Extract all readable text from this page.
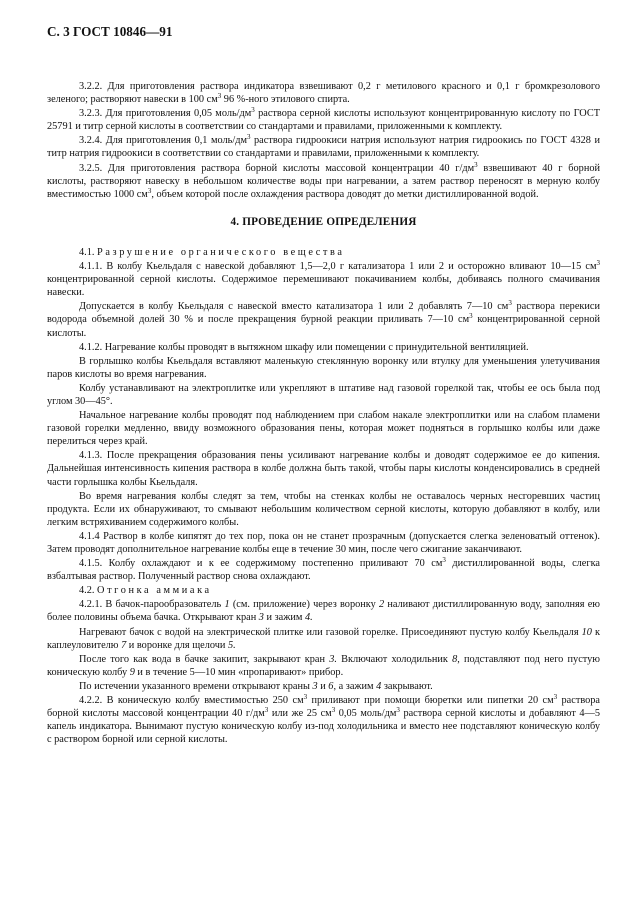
С. 3 ГОСТ 10846—91
3.2.2. Для приготовления раствора индикатора взвешивают 0,2 г метилового красного и 0,1 г бромкрезолового зеленого; растворяют навески в 100 $см^3$ 96 %-ного этилового спирта.
3.2.3. Для приготовления 0,05 моль/$дм^3$ раствора серной кислоты используют концентрированную кислоту по ГОСТ 25791 и титр серной кислоты в соответствии со стандартами и правилами, приложенными к комплекту.
3.2.4. Для приготовления 0,1 моль/$дм^3$ раствора гидроокиси натрия используют натрия гидроокись по ГОСТ 4328 и титр натрия гидроокиси в соответствии со стандартами и правилами, приложенными к комплекту.
3.2.5. Для приготовления раствора борной кислоты массовой концентрации 40 $г/дм^3$ взвешивают 40 г борной кислоты, растворяют навеску в небольшом количестве воды при нагревании, а затем раствор переносят в мерную колбу вместимостью 1000 $см^3$, объем которой после охлаждения раствора доводят до метки дистиллированной водой.
4. ПРОВЕДЕНИЕ ОПРЕДЕЛЕНИЯ
4.1. Разрушение органического вещества
4.1.1. В колбу Кьельдаля с навеской добавляют 1,5—2,0 г катализатора 1 или 2 и осторожно вливают 10—15 $см^3$ концентрированной серной кислоты. Содержимое перемешивают покачиванием колбы, добиваясь полного смачивания навески.
Допускается в колбу Кьельдаля с навеской вместо катализатора 1 или 2 добавлять 7—10 $см^3$ раствора перекиси водорода объемной долей 30 % и после прекращения бурной реакции приливать 7—10 $см^3$ концентрированной серной кислоты.
4.1.2. Нагревание колбы проводят в вытяжном шкафу или помещении с принудительной вентиляцией.
В горлышко колбы Кьельдаля вставляют маленькую стеклянную воронку или втулку для уменьшения улетучивания паров кислоты во время нагревания.
Колбу устанавливают на электроплитке или укрепляют в штативе над газовой горелкой так, чтобы ее ось была под углом 30—45°.
Начальное нагревание колбы проводят под наблюдением при слабом накале электроплитки или на слабом пламени газовой горелки медленно, ввиду возможного образования пены, которая может подняться в горлышко колбы или даже перелиться через край.
4.1.3. После прекращения образования пены усиливают нагревание колбы и доводят содержимое ее до кипения. Дальнейшая интенсивность кипения раствора в колбе должна быть такой, чтобы пары кислоты конденсировались в средней части горлышка колбы Кьельдаля.
Во время нагревания колбы следят за тем, чтобы на стенках колбы не оставалось черных несгоревших частиц продукта. Если их обнаруживают, то смывают небольшим количеством серной кислоты, которую добавляют в колбу, или легким встряхиванием содержимого колбы.
4.1.4 Раствор в колбе кипятят до тех пор, пока он не станет прозрачным (допускается слегка зеленоватый оттенок). Затем проводят дополнительное нагревание колбы еще в течение 30 мин, после чего сжигание заканчивают.
4.1.5. Колбу охлаждают и к ее содержимому постепенно приливают 70 $см^3$ дистиллированной воды, слегка взбалтывая раствор. Полученный раствор снова охлаждают.
4.2. Отгонка аммиака
4.2.1. В бачок-парообразователь 1 (см. приложение) через воронку 2 наливают дистиллированную воду, заполняя ею более половины объема бачка. Открывают кран 3 и зажим 4.
Нагревают бачок с водой на электрической плитке или газовой горелке. Присоединяют пустую колбу Кьельдаля 10 к каплеуловителю 7 и воронке для щелочи 5.
После того как вода в бачке закипит, закрывают кран 3. Включают холодильник 8, подставляют под него пустую коническую колбу 9 и в течение 5—10 мин «пропаривают» прибор.
По истечении указанного времени открывают краны 3 и 6, а зажим 4 закрывают.
4.2.2. В коническую колбу вместимостью 250 $см^3$ приливают при помощи бюретки или пипетки 20 $см^3$ раствора борной кислоты массовой концентрации 40 $г/дм^3$ или же 25 $см^3$ 0,05 моль/$дм^3$ раствора серной кислоты и добавляют 4—5 капель индикатора. Вынимают пустую коническую колбу из-под холодильника и вместо нее подставляют коническую колбу с раствором борной или серной кислоты.
